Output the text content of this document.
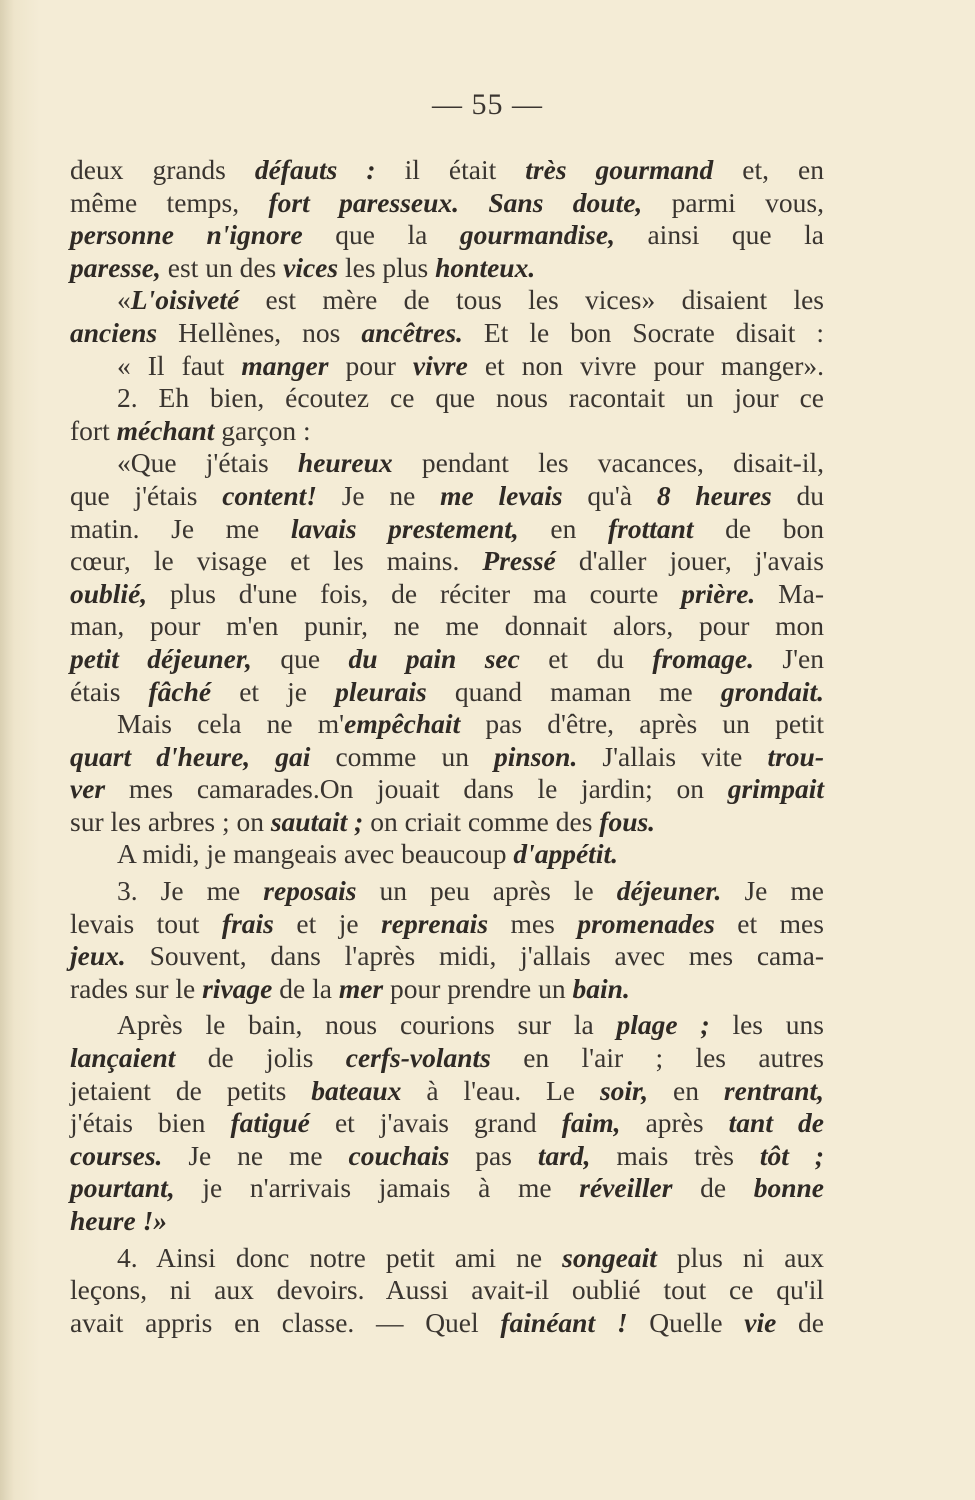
— 55 —
deux grands défauts : il était très gourmand et, en
même temps, fort paresseux. Sans doute, parmi vous,
personne n'ignore que la gourmandise, ainsi que la
paresse, est un des vices les plus honteux.
«L'oisiveté est mère de tous les vices» disaient les
anciens Hellènes, nos ancêtres. Et le bon Socrate disait :
« Il faut manger pour vivre et non vivre pour manger».
2. Eh bien, écoutez ce que nous racontait un jour ce
fort méchant garçon :
«Que j'étais heureux pendant les vacances, disait-il,
que j'étais content! Je ne me levais qu'à 8 heures du
matin. Je me lavais prestement, en frottant de bon
cœur, le visage et les mains. Pressé d'aller jouer, j'avais
oublié, plus d'une fois, de réciter ma courte prière. Ma-
man, pour m'en punir, ne me donnait alors, pour mon
petit déjeuner, que du pain sec et du fromage. J'en
étais fâché et je pleurais quand maman me grondait.
Mais cela ne m'empêchait pas d'être, après un petit
quart d'heure, gai comme un pinson. J'allais vite trou-
ver mes camarades.On jouait dans le jardin; on grimpait
sur les arbres ; on sautait ; on criait comme des fous.
A midi, je mangeais avec beaucoup d'appétit.
3. Je me reposais un peu après le déjeuner. Je me
levais tout frais et je reprenais mes promenades et mes
jeux. Souvent, dans l'après midi, j'allais avec mes cama-
rades sur le rivage de la mer pour prendre un bain.
Après le bain, nous courions sur la plage ; les uns
lançaient de jolis cerfs-volants en l'air ; les autres
jetaient de petits bateaux à l'eau. Le soir, en rentrant,
j'étais bien fatigué et j'avais grand faim, après tant de
courses. Je ne me couchais pas tard, mais très tôt ;
pourtant, je n'arrivais jamais à me réveiller de bonne
heure !»
4. Ainsi donc notre petit ami ne songeait plus ni aux
leçons, ni aux devoirs. Aussi avait-il oublié tout ce qu'il
avait appris en classe. — Quel fainéant ! Quelle vie de
